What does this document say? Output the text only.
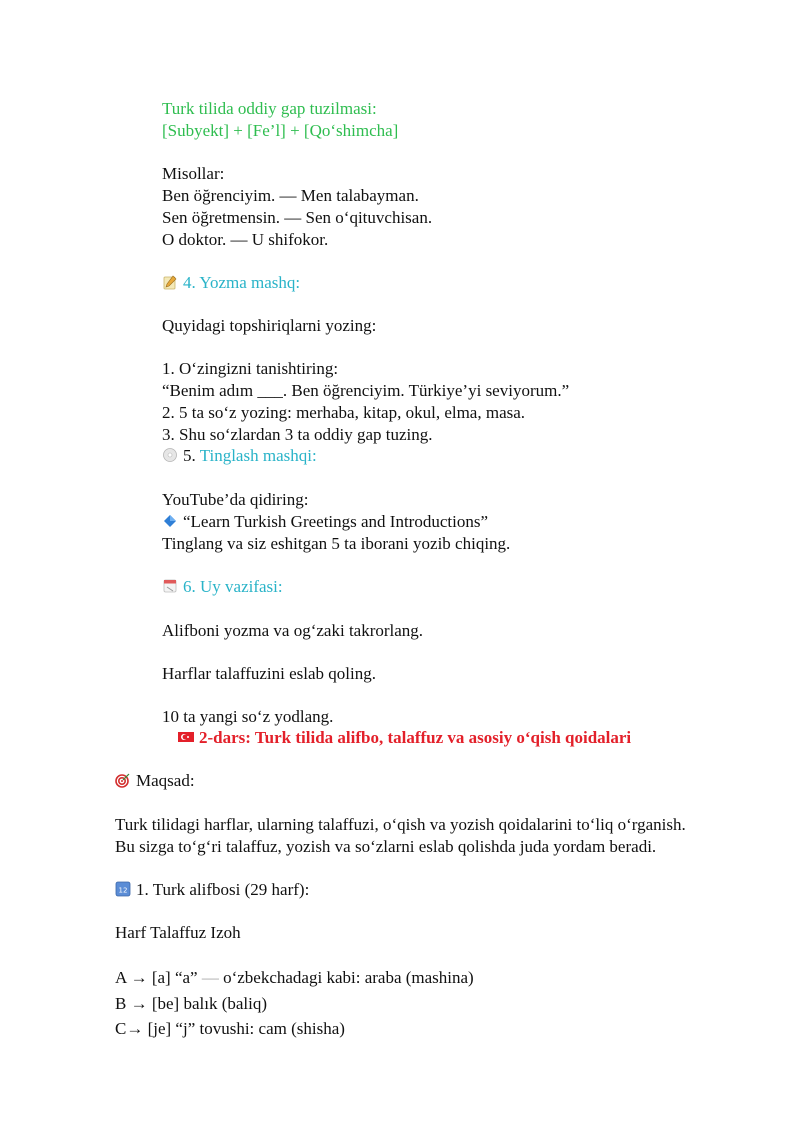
Turk tilida oddiy gap tuzilmasi:
[Subyekt] + [Fe’l] + [Qo‘shimcha]
Misollar:
Ben öğrenciyim. — Men talabayman.
Sen öğretmensin. — Sen o‘qituvchisan.
O doktor. — U shifokor.
4. Yozma mashq:
Quyidagi topshiriqlarni yozing:
1. O‘zingizni tanishtiring:
“Benim adım ___. Ben öğrenciyim. Türkiye’yi seviyorum.”
2. 5 ta so‘z yozing: merhaba, kitap, okul, elma, masa.
3. Shu so‘zlardan 3 ta oddiy gap tuzing.
5. Tinglash mashqi:
YouTube’da qidiring:
“Learn Turkish Greetings and Introductions”
Tinglang va siz eshitgan 5 ta iborani yozib chiqing.
6. Uy vazifasi:
Alifboni yozma va og‘zaki takrorlang.
Harflar talaffuzini eslab qoling.
10 ta yangi so‘z yodlang.
2-dars: Turk tilida alifbo, talaffuz va asosiy o‘qish qoidalari
Maqsad:
Turk tilidagi harflar, ularning talaffuzi, o‘qish va yozish qoidalarini to‘liq o‘rganish.
Bu sizga to‘g‘ri talaffuz, yozish va so‘zlarni eslab qolishda juda yordam beradi.
12 1. Turk alifbosi (29 harf):
Harf Talaffuz Izoh
A → [a] “a” — o‘zbekchadagi kabi: araba (mashina)
B → [be] balık (baliq)
C→ [je] “j” tovushi: cam (shisha)
